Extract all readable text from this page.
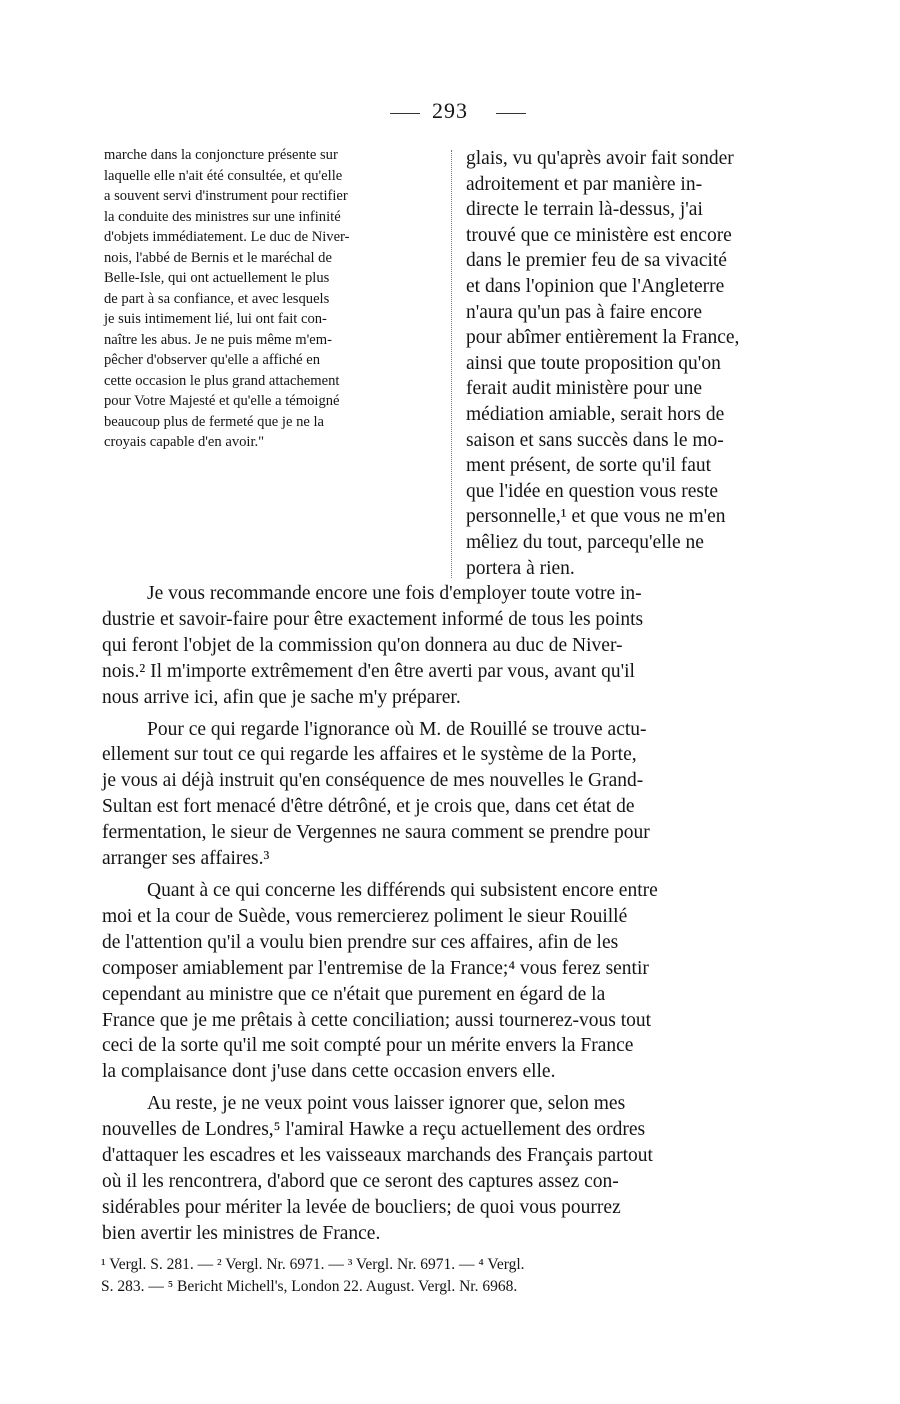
293
marche dans la conjoncture présente sur
laquelle elle n'ait été consultée, et qu'elle
a souvent servi d'instrument pour rectifier
la conduite des ministres sur une infinité
d'objets immédiatement. Le duc de Niver-
nois, l'abbé de Bernis et le maréchal de
Belle-Isle, qui ont actuellement le plus
de part à sa confiance, et avec lesquels
je suis intimement lié, lui ont fait con-
naître les abus. Je ne puis même m'em-
pêcher d'observer qu'elle a affiché en
cette occasion le plus grand attachement
pour Votre Majesté et qu'elle a témoigné
beaucoup plus de fermeté que je ne la
croyais capable d'en avoir."
glais, vu qu'après avoir fait sonder
adroitement et par manière in-
directe le terrain là-dessus, j'ai
trouvé que ce ministère est encore
dans le premier feu de sa vivacité
et dans l'opinion que l'Angleterre
n'aura qu'un pas à faire encore
pour abîmer entièrement la France,
ainsi que toute proposition qu'on
ferait audit ministère pour une
médiation amiable, serait hors de
saison et sans succès dans le mo-
ment présent, de sorte qu'il faut
que l'idée en question vous reste
personnelle,¹ et que vous ne m'en
mêliez du tout, parcequ'elle ne
portera à rien.

Je vous recommande encore une fois d'employer toute votre in-
dustrie et savoir-faire pour être exactement informé de tous les points
qui feront l'objet de la commission qu'on donnera au duc de Niver-
nois.² Il m'importe extrêmement d'en être averti par vous, avant qu'il
nous arrive ici, afin que je sache m'y préparer.

Pour ce qui regarde l'ignorance où M. de Rouillé se trouve actu-
ellement sur tout ce qui regarde les affaires et le système de la Porte,
je vous ai déjà instruit qu'en conséquence de mes nouvelles le Grand-
Sultan est fort menacé d'être détrôné, et je crois que, dans cet état de
fermentation, le sieur de Vergennes ne saura comment se prendre pour
arranger ses affaires.³

Quant à ce qui concerne les différends qui subsistent encore entre
moi et la cour de Suède, vous remercierez poliment le sieur Rouillé
de l'attention qu'il a voulu bien prendre sur ces affaires, afin de les
composer amiablement par l'entremise de la France;⁴ vous ferez sentir
cependant au ministre que ce n'était que purement en égard de la
France que je me prêtais à cette conciliation; aussi tournerez-vous tout
ceci de la sorte qu'il me soit compté pour un mérite envers la France
la complaisance dont j'use dans cette occasion envers elle.

Au reste, je ne veux point vous laisser ignorer que, selon mes
nouvelles de Londres,⁵ l'amiral Hawke a reçu actuellement des ordres
d'attaquer les escadres et les vaisseaux marchands des Français partout
où il les rencontrera, d'abord que ce seront des captures assez con-
sidérables pour mériter la levée de boucliers; de quoi vous pourrez
bien avertir les ministres de France.

¹ Vergl. S. 281. — ² Vergl. Nr. 6971. — ³ Vergl. Nr. 6971. — ⁴ Vergl.
S. 283. — ⁵ Bericht Michell's, London 22. August. Vergl. Nr. 6968.
